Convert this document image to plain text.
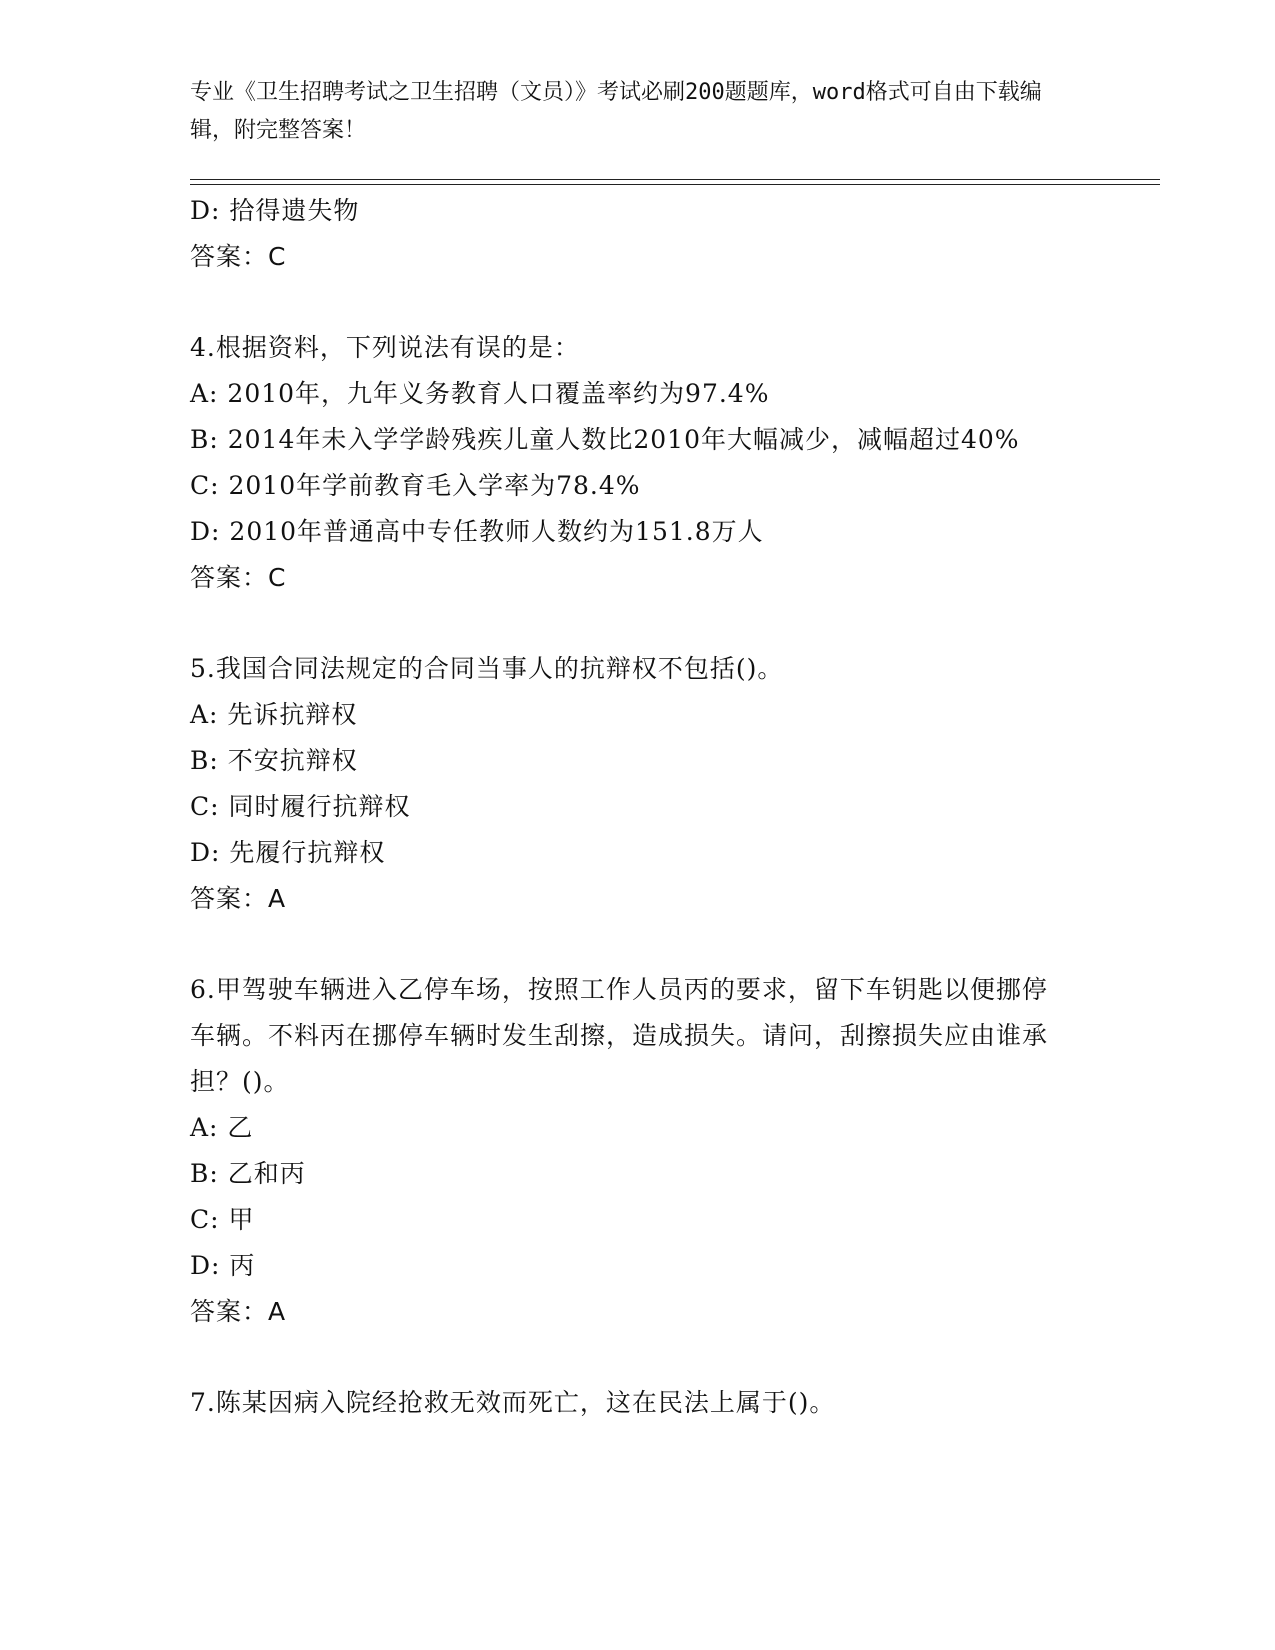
专业《卫生招聘考试之卫生招聘（文员）》考试必刷200题题库，word格式可自由下载编辑，附完整答案！
D: 拾得遗失物
答案：C
4.根据资料，下列说法有误的是：
A: 2010年，九年义务教育人口覆盖率约为97.4%
B: 2014年未入学学龄残疾儿童人数比2010年大幅减少，减幅超过40%
C: 2010年学前教育毛入学率为78.4%
D: 2010年普通高中专任教师人数约为151.8万人
答案：C
5.我国合同法规定的合同当事人的抗辩权不包括()。
A: 先诉抗辩权
B: 不安抗辩权
C: 同时履行抗辩权
D: 先履行抗辩权
答案：A
6.甲驾驶车辆进入乙停车场，按照工作人员丙的要求，留下车钥匙以便挪停车辆。不料丙在挪停车辆时发生刮擦，造成损失。请问，刮擦损失应由谁承担？()。
A: 乙
B: 乙和丙
C: 甲
D: 丙
答案：A
7.陈某因病入院经抢救无效而死亡，这在民法上属于()。
